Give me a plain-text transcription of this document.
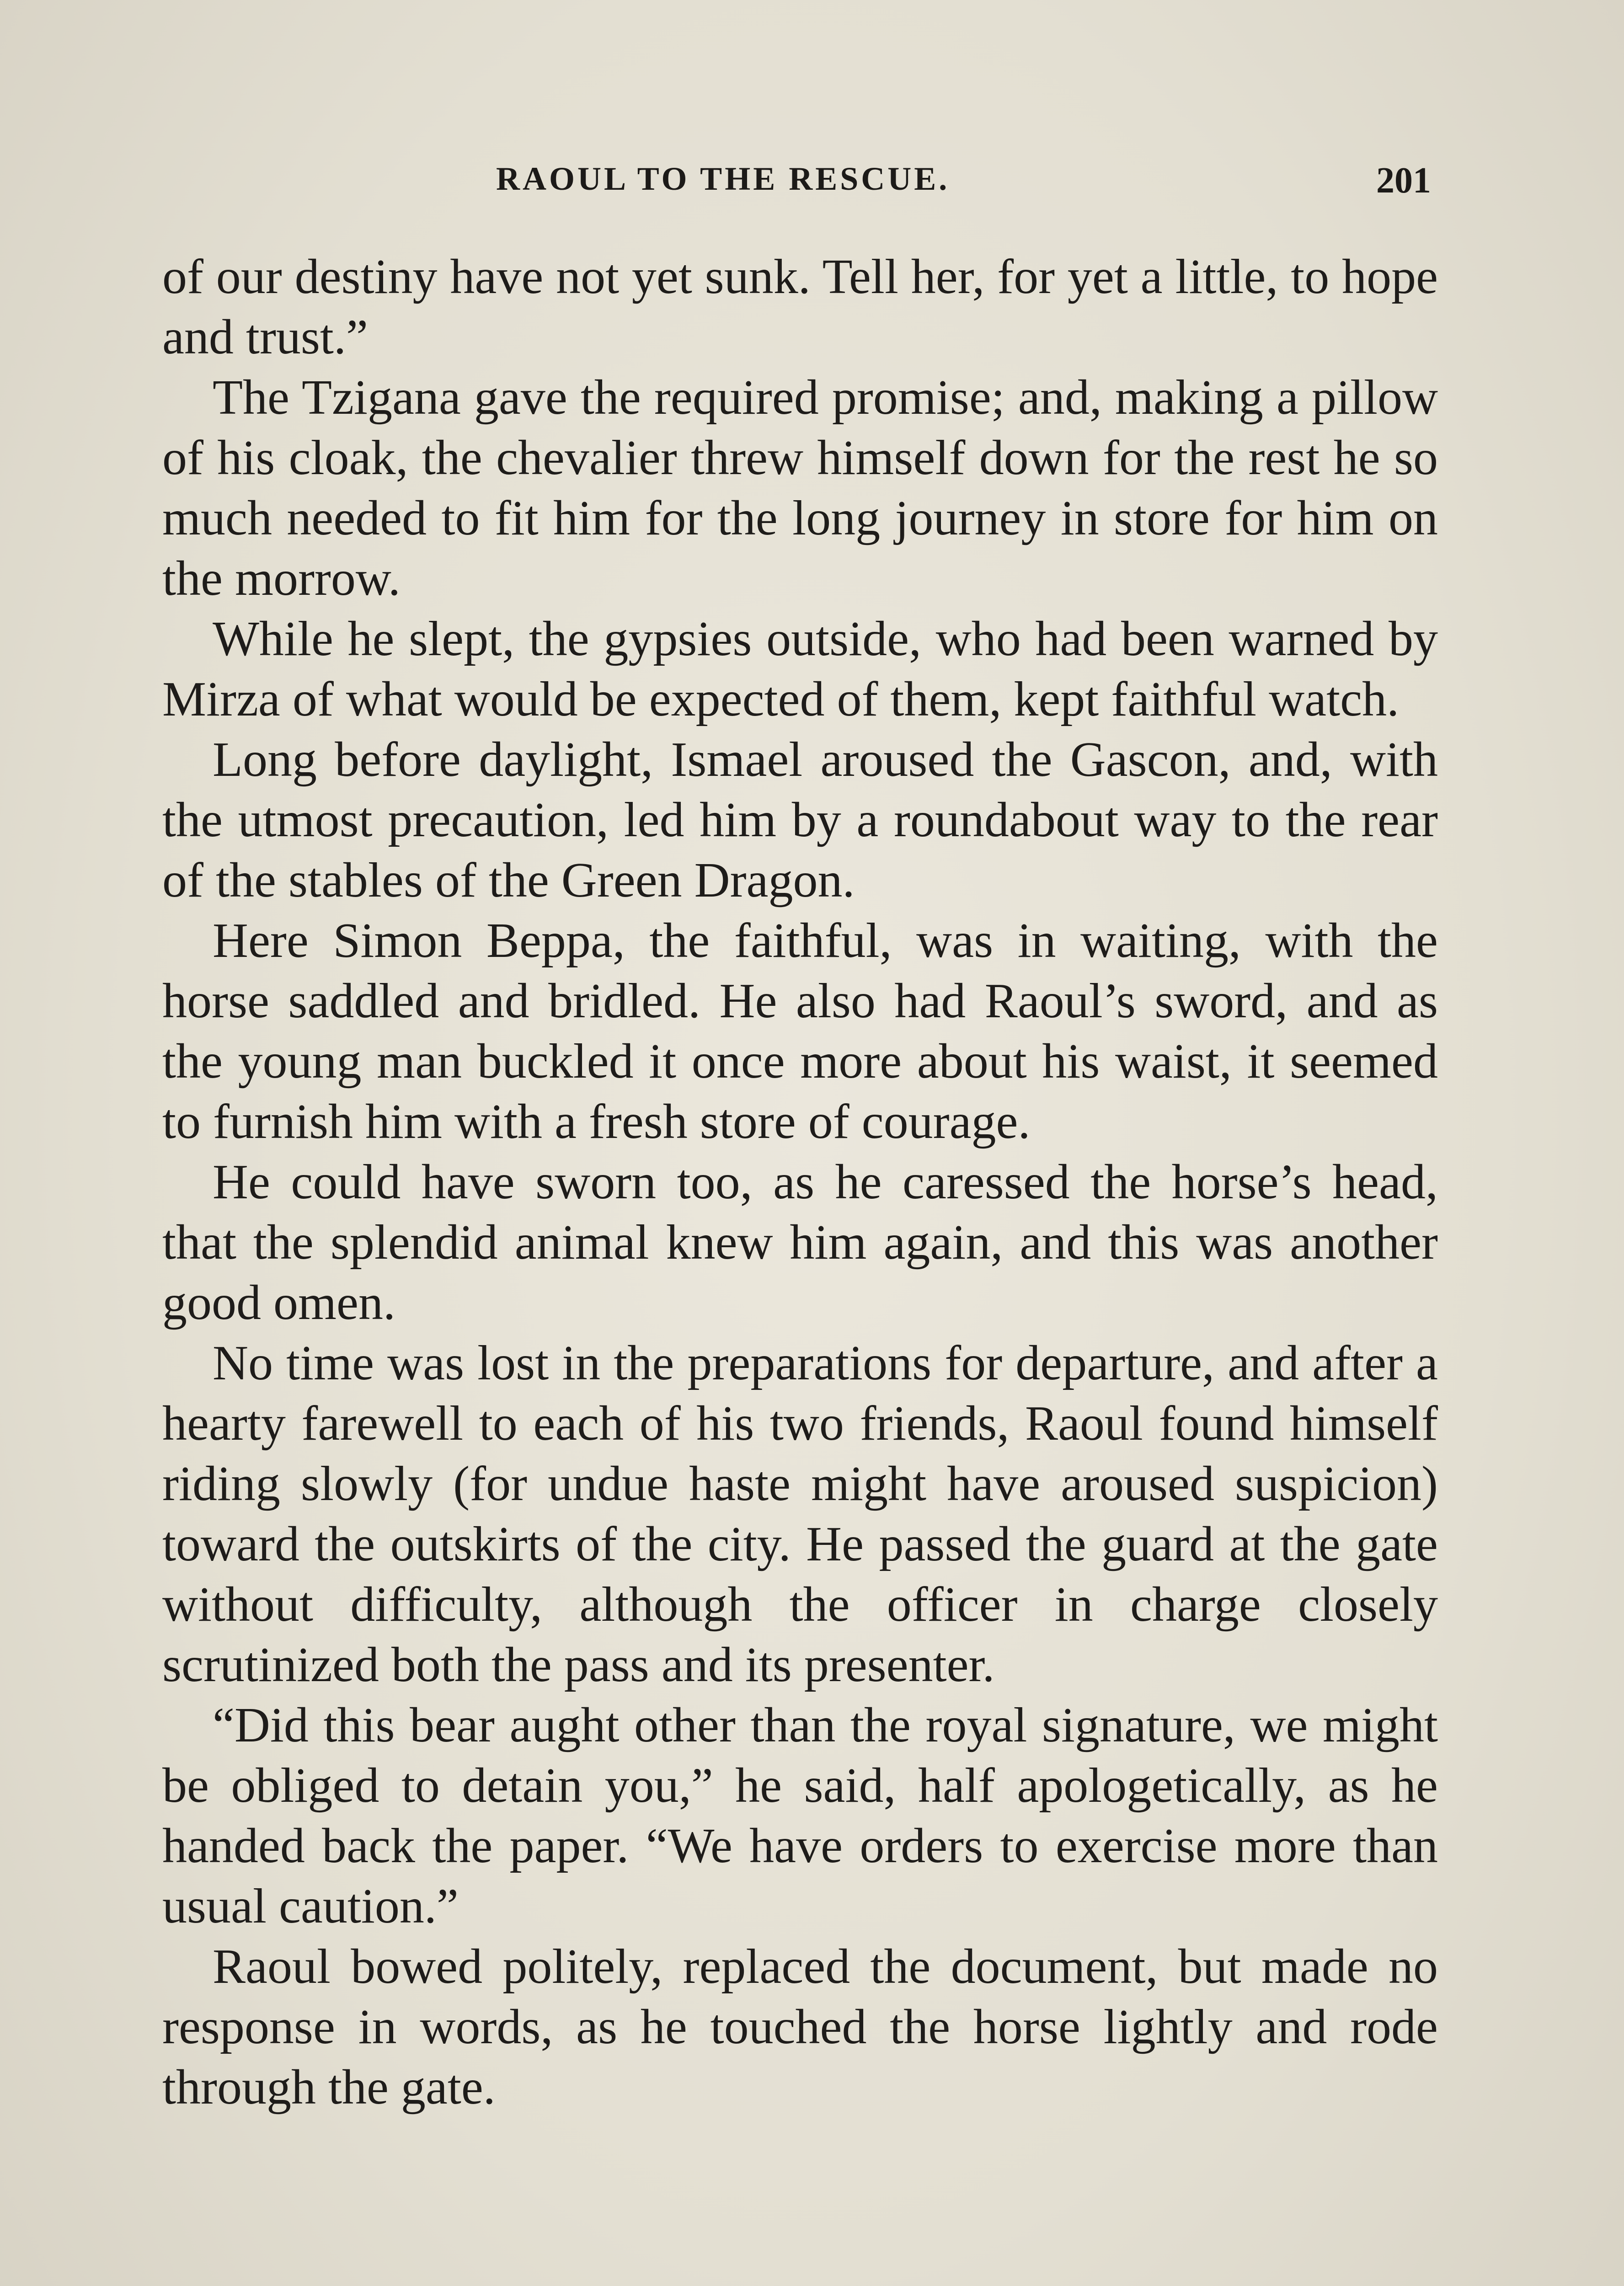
RAOUL TO THE RESCUE.	201

of our destiny have not yet sunk. Tell her, for yet a little, to hope and trust.”

The Tzigana gave the required promise; and, making a pillow of his cloak, the chevalier threw himself down for the rest he so much needed to fit him for the long journey in store for him on the morrow.

While he slept, the gypsies outside, who had been warned by Mirza of what would be expected of them, kept faithful watch.

Long before daylight, Ismael aroused the Gascon, and, with the utmost precaution, led him by a roundabout way to the rear of the stables of the Green Dragon.

Here Simon Beppa, the faithful, was in waiting, with the horse saddled and bridled. He also had Raoul’s sword, and as the young man buckled it once more about his waist, it seemed to furnish him with a fresh store of courage.

He could have sworn too, as he caressed the horse’s head, that the splendid animal knew him again, and this was another good omen.

No time was lost in the preparations for departure, and after a hearty farewell to each of his two friends, Raoul found himself riding slowly (for undue haste might have aroused suspicion) toward the outskirts of the city. He passed the guard at the gate without difficulty, although the officer in charge closely scrutinized both the pass and its presenter.

“Did this bear aught other than the royal signature, we might be obliged to detain you,” he said, half apologetically, as he handed back the paper. “We have orders to exercise more than usual caution.”

Raoul bowed politely, replaced the document, but made no response in words, as he touched the horse lightly and rode through the gate.
